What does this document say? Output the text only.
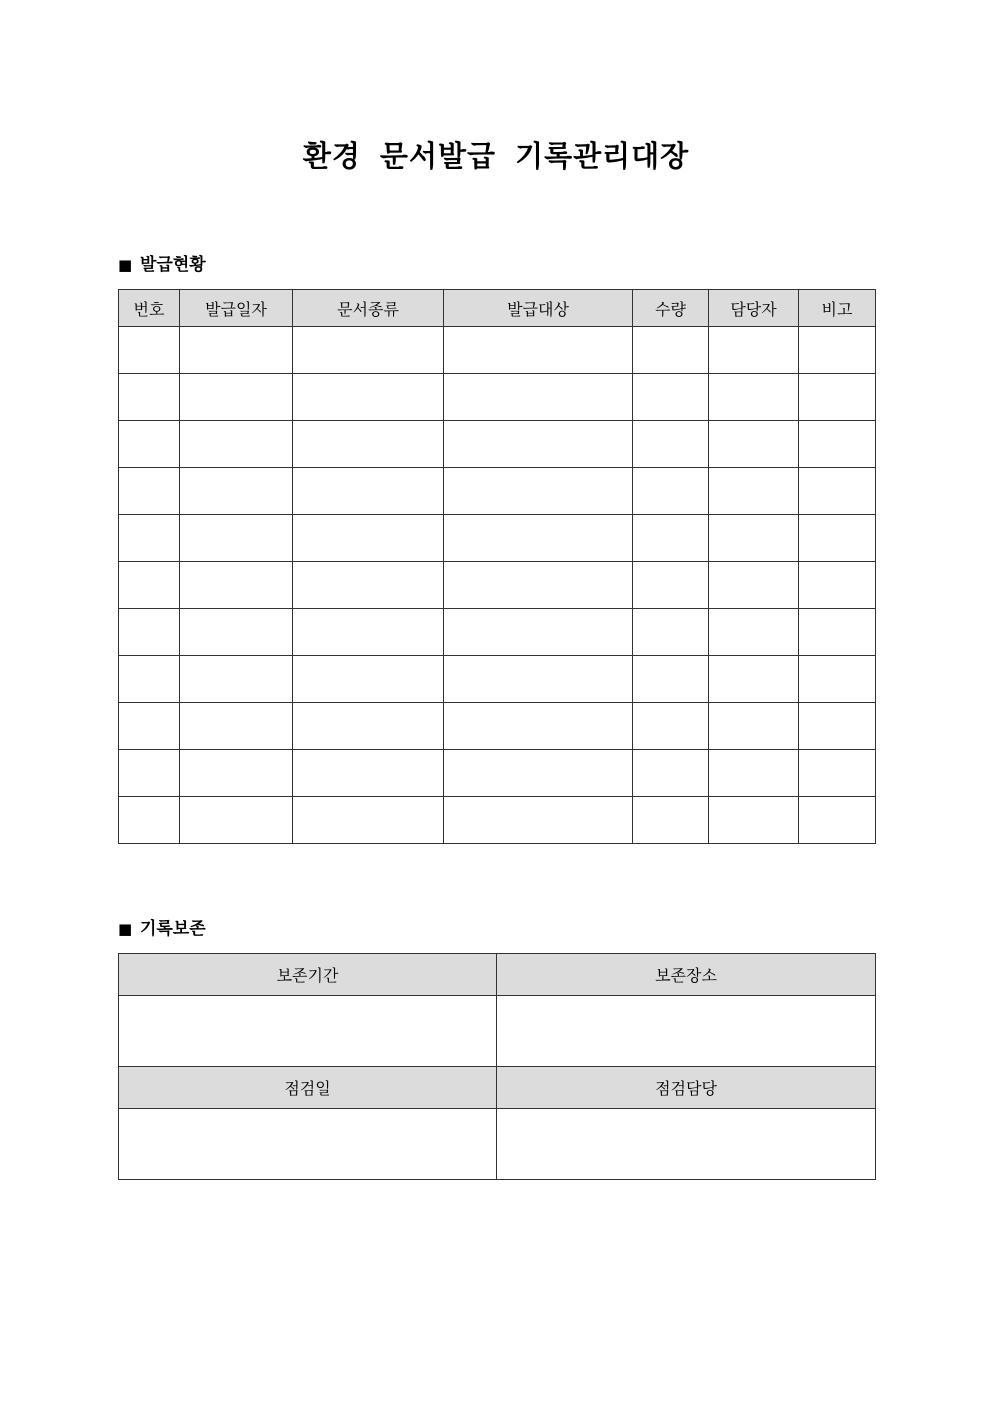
환경 문서발급 기록관리대장
■ 발급현황
번호	발급일자	문서종류	발급대상	수량	담당자	비고

■ 기록보존
보존기간	보존장소

점검일	점검담당
